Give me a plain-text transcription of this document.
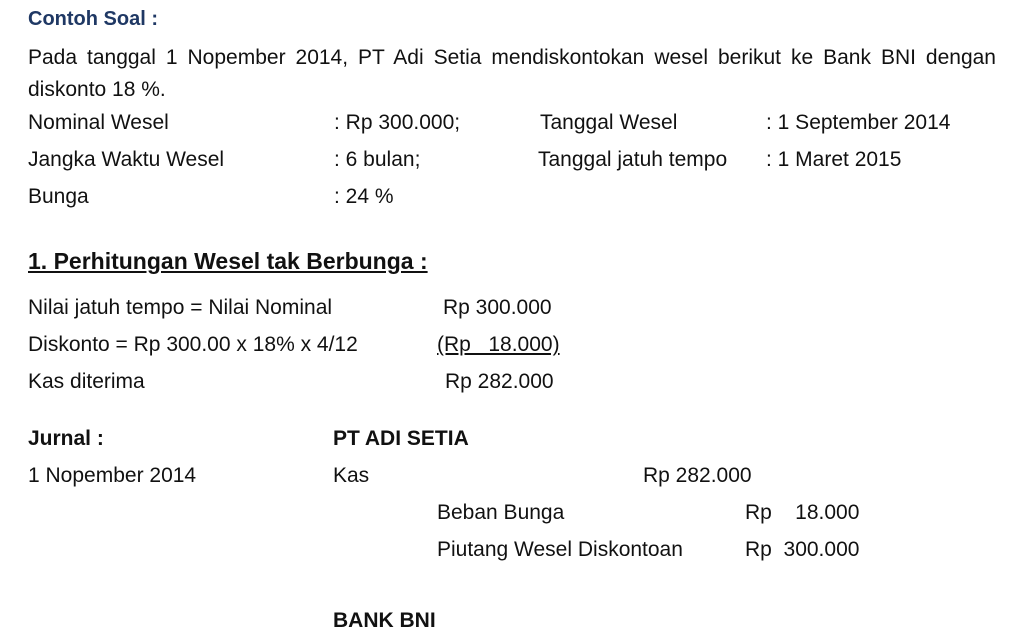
Contoh Soal :
Pada tanggal 1 Nopember 2014, PT Adi Setia mendiskontokan wesel berikut ke Bank BNI dengan diskonto 18 %.
Nominal Wesel	: Rp 300.000;	Tanggal Wesel	: 1 September 2014
Jangka Waktu Wesel	: 6 bulan;	Tanggal jatuh tempo : 1 Maret 2015
Bunga	: 24 %
1. Perhitungan Wesel tak Berbunga :
Nilai jatuh tempo = Nilai Nominal	Rp 300.000
Diskonto = Rp 300.00 x 18% x 4/12	(Rp   18.000)
Kas diterima	Rp 282.000
Jurnal :	PT ADI SETIA
1 Nopember 2014	Kas	Rp 282.000
Beban Bunga	Rp    18.000
Piutang Wesel Diskontoan	Rp  300.000
BANK BNI
